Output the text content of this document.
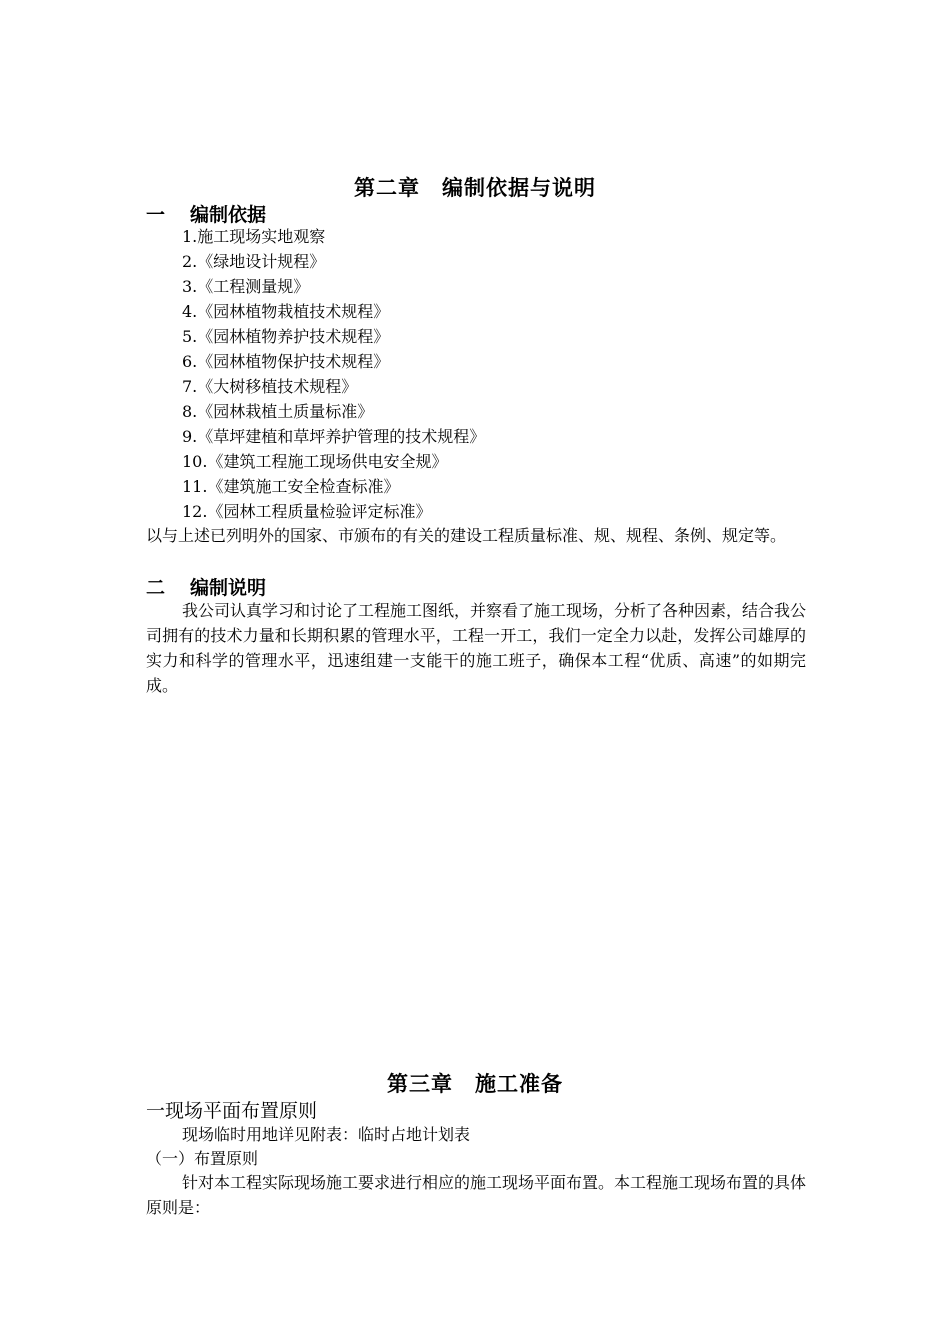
第二章　编制依据与说明
一 编制依据
1.施工现场实地观察
2.《绿地设计规程》
3.《工程测量规》
4.《园林植物栽植技术规程》
5.《园林植物养护技术规程》
6.《园林植物保护技术规程》
7.《大树移植技术规程》
8.《园林栽植土质量标准》
9.《草坪建植和草坪养护管理的技术规程》
10.《建筑工程施工现场供电安全规》
11.《建筑施工安全检查标准》
12.《园林工程质量检验评定标准》
以与上述已列明外的国家、市颁布的有关的建设工程质量标准、规、规程、条例、规定等。
二 编制说明
我公司认真学习和讨论了工程施工图纸，并察看了施工现场，分析了各种因素，结合我公司拥有的技术力量和长期积累的管理水平，工程一开工，我们一定全力以赴，发挥公司雄厚的实力和科学的管理水平，迅速组建一支能干的施工班子，确保本工程“优质、高速”的如期完成。
第三章　施工准备
一现场平面布置原则
现场临时用地详见附表：临时占地计划表
（一）布置原则
针对本工程实际现场施工要求进行相应的施工现场平面布置。本工程施工现场布置的具体原则是：
